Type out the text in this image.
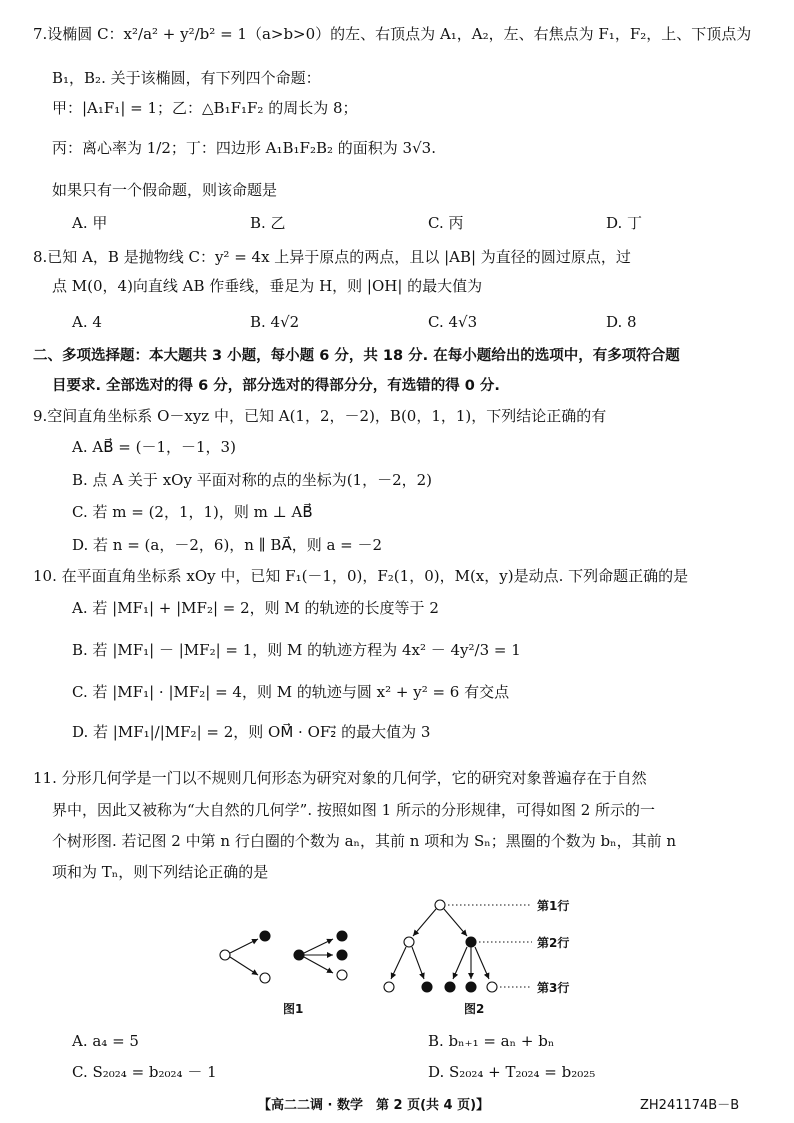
7.设椭圆 C：x²/a² + y²/b² = 1（a>b>0）的左、右顶点为 A₁，A₂，左、右焦点为 F₁，F₂，上、下顶点为
B₁，B₂. 关于该椭圆，有下列四个命题：
甲：|A₁F₁| = 1；乙：△B₁F₁F₂ 的周长为 8；
丙：离心率为 1/2；丁：四边形 A₁B₁F₂B₂ 的面积为 3√3.
如果只有一个假命题，则该命题是
A. 甲	B. 乙	C. 丙	D. 丁
8.已知 A，B 是抛物线 C：y² = 4x 上异于原点的两点，且以 |AB| 为直径的圆过原点，过
点 M(0，4)向直线 AB 作垂线，垂足为 H，则 |OH| 的最大值为
A. 4	B. 4√2	C. 4√3	D. 8
二、多项选择题：本大题共 3 小题，每小题 6 分，共 18 分. 在每小题给出的选项中，有多项符合题
目要求. 全部选对的得 6 分，部分选对的得部分分，有选错的得 0 分.
9.空间直角坐标系 O－xyz 中，已知 A(1，2，－2)，B(0，1，1)，下列结论正确的有
A. AB⃗ = (－1，－1，3)
B. 点 A 关于 xOy 平面对称的点的坐标为(1，－2，2)
C. 若 m = (2，1，1)，则 m ⊥ AB⃗
D. 若 n = (a，－2，6)，n ∥ BA⃗，则 a = －2
10. 在平面直角坐标系 xOy 中，已知 F₁(－1，0)，F₂(1，0)，M(x，y)是动点. 下列命题正确的是
A. 若 |MF₁| + |MF₂| = 2，则 M 的轨迹的长度等于 2
B. 若 |MF₁| － |MF₂| = 1，则 M 的轨迹方程为 4x² － 4y²/3 = 1
C. 若 |MF₁| · |MF₂| = 4，则 M 的轨迹与圆 x² + y² = 6 有交点
D. 若 |MF₁|/|MF₂| = 2，则 OM⃗ · OF₂⃗ 的最大值为 3
11. 分形几何学是一门以不规则几何形态为研究对象的几何学，它的研究对象普遍存在于自然
界中，因此又被称为“大自然的几何学”. 按照如图 1 所示的分形规律，可得如图 2 所示的一
个树形图. 若记图 2 中第 n 行白圈的个数为 aₙ，其前 n 项和为 Sₙ；黑圈的个数为 bₙ，其前 n
项和为 Tₙ，则下列结论正确的是
第1行
第2行
第3行
图1	图2
A. a₄ = 5	B. bₙ₊₁ = aₙ + bₙ
C. S₂₀₂₄ = b₂₀₂₄ － 1	D. S₂₀₂₄ + T₂₀₂₄ = b₂₀₂₅
【高二二调 · 数学　第 2 页(共 4 页)】	ZH241174B－B
